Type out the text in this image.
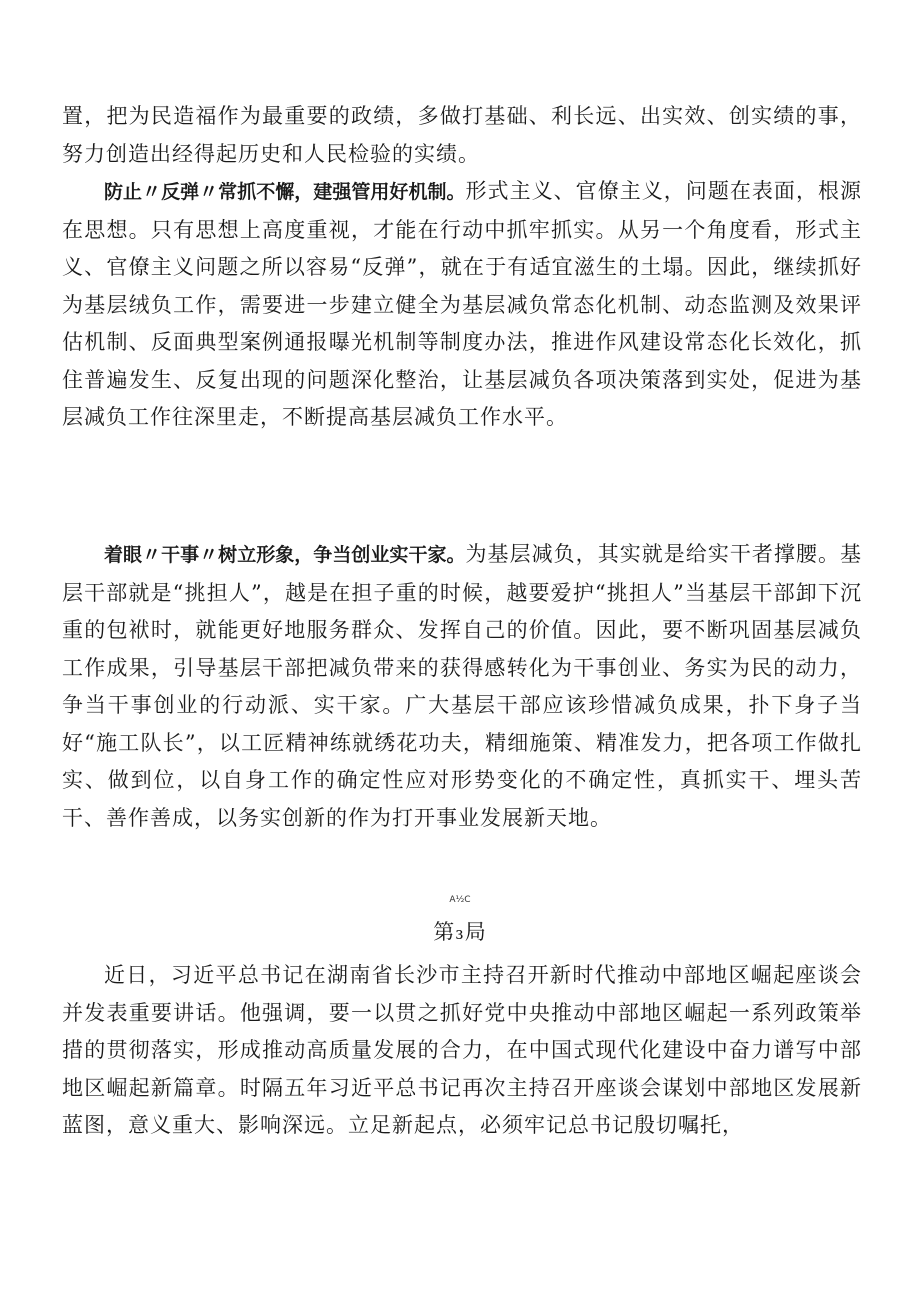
置，把为民造福作为最重要的政绩，多做打基础、利长远、出实效、创实绩的事，努力创造出经得起历史和人民检验的实绩。

防止〃反弹〃常抓不懈，建强管用好机制。形式主义、官僚主义，问题在表面，根源在思想。只有思想上高度重视，才能在行动中抓牢抓实。从另一个角度看，形式主义、官僚主义问题之所以容易“反弹”，就在于有适宜滋生的土塌。因此，继续抓好为基层绒负工作，需要进一步建立健全为基层减负常态化机制、动态监测及效果评估机制、反面典型案例通报曝光机制等制度办法，推进作风建设常态化长效化，抓住普遍发生、反复出现的问题深化整治，让基层减负各项决策落到实处，促进为基层减负工作往深里走，不断提高基层减负工作水平。

着眼〃干事〃树立形象，争当创业实干家。为基层减负，其实就是给实干者撑腰。基层干部就是“挑担人”，越是在担子重的时候，越要爱护“挑担人”当基层干部卸下沉重的包袱时，就能更好地服务群众、发挥自己的价值。因此，要不断巩固基层减负工作成果，引导基层干部把减负带来的获得感转化为干事创业、务实为民的动力，争当干事创业的行动派、实干家。广大基层干部应该珍惜减负成果，扑下身子当好“施工队长”，以工匠精神练就绣花功夫，精细施策、精准发力，把各项工作做扎实、做到位，以自身工作的确定性应对形势变化的不确定性，真抓实干、埋头苦干、善作善成，以务实创新的作为打开事业发展新天地。

A½C
第₃局

近日，习近平总书记在湖南省长沙市主持召开新时代推动中部地区崛起座谈会并发表重要讲话。他强调，要一以贯之抓好党中央推动中部地区崛起一系列政策举措的贯彻落实，形成推动高质量发展的合力，在中国式现代化建设中奋力谱写中部地区崛起新篇章。时隔五年习近平总书记再次主持召开座谈会谋划中部地区发展新蓝图，意义重大、影响深远。立足新起点，必须牢记总书记殷切嘱托，
